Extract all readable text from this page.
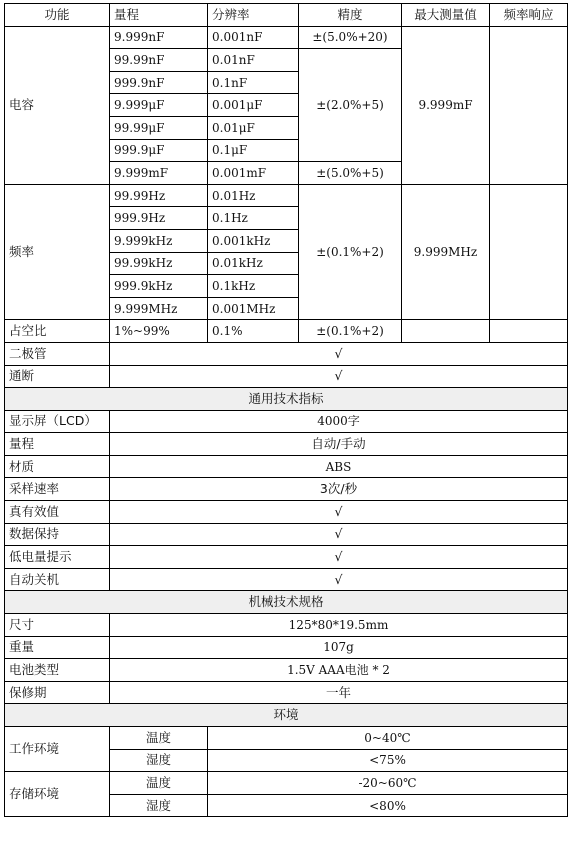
功能	量程	分辨率	精度	最大测量值	频率响应
电容	9.999nF	0.001nF	±(5.0%+20)	9.999mF	
	99.99nF	0.01nF	±(2.0%+5)		
	999.9nF	0.1nF			
	9.999μF	0.001μF			
	99.99μF	0.01μF			
	999.9μF	0.1μF			
	9.999mF	0.001mF	±(5.0%+5)		
频率	99.99Hz	0.01Hz	±(0.1%+2)	9.999MHz	
	999.9Hz	0.1Hz			
	9.999kHz	0.001kHz			
	99.99kHz	0.01kHz			
	999.9kHz	0.1kHz			
	9.999MHz	0.001MHz			
占空比	1%~99%	0.1%	±(0.1%+2)		
二极管	√				
通断	√				
通用技术指标					
显示屏（LCD）	4000字				
量程	自动/手动				
材质	ABS				
采样速率	3次/秒				
真有效值	√				
数据保持	√				
低电量提示	√				
自动关机	√				
机械技术规格					
尺寸	125*80*19.5mm				
重量	107g				
电池类型	1.5V AAA电池 * 2				
保修期	一年				
环境					
工作环境	温度	0~40℃			
	湿度	<75%			
存储环境	温度	-20~60℃			
	湿度	<80%			
